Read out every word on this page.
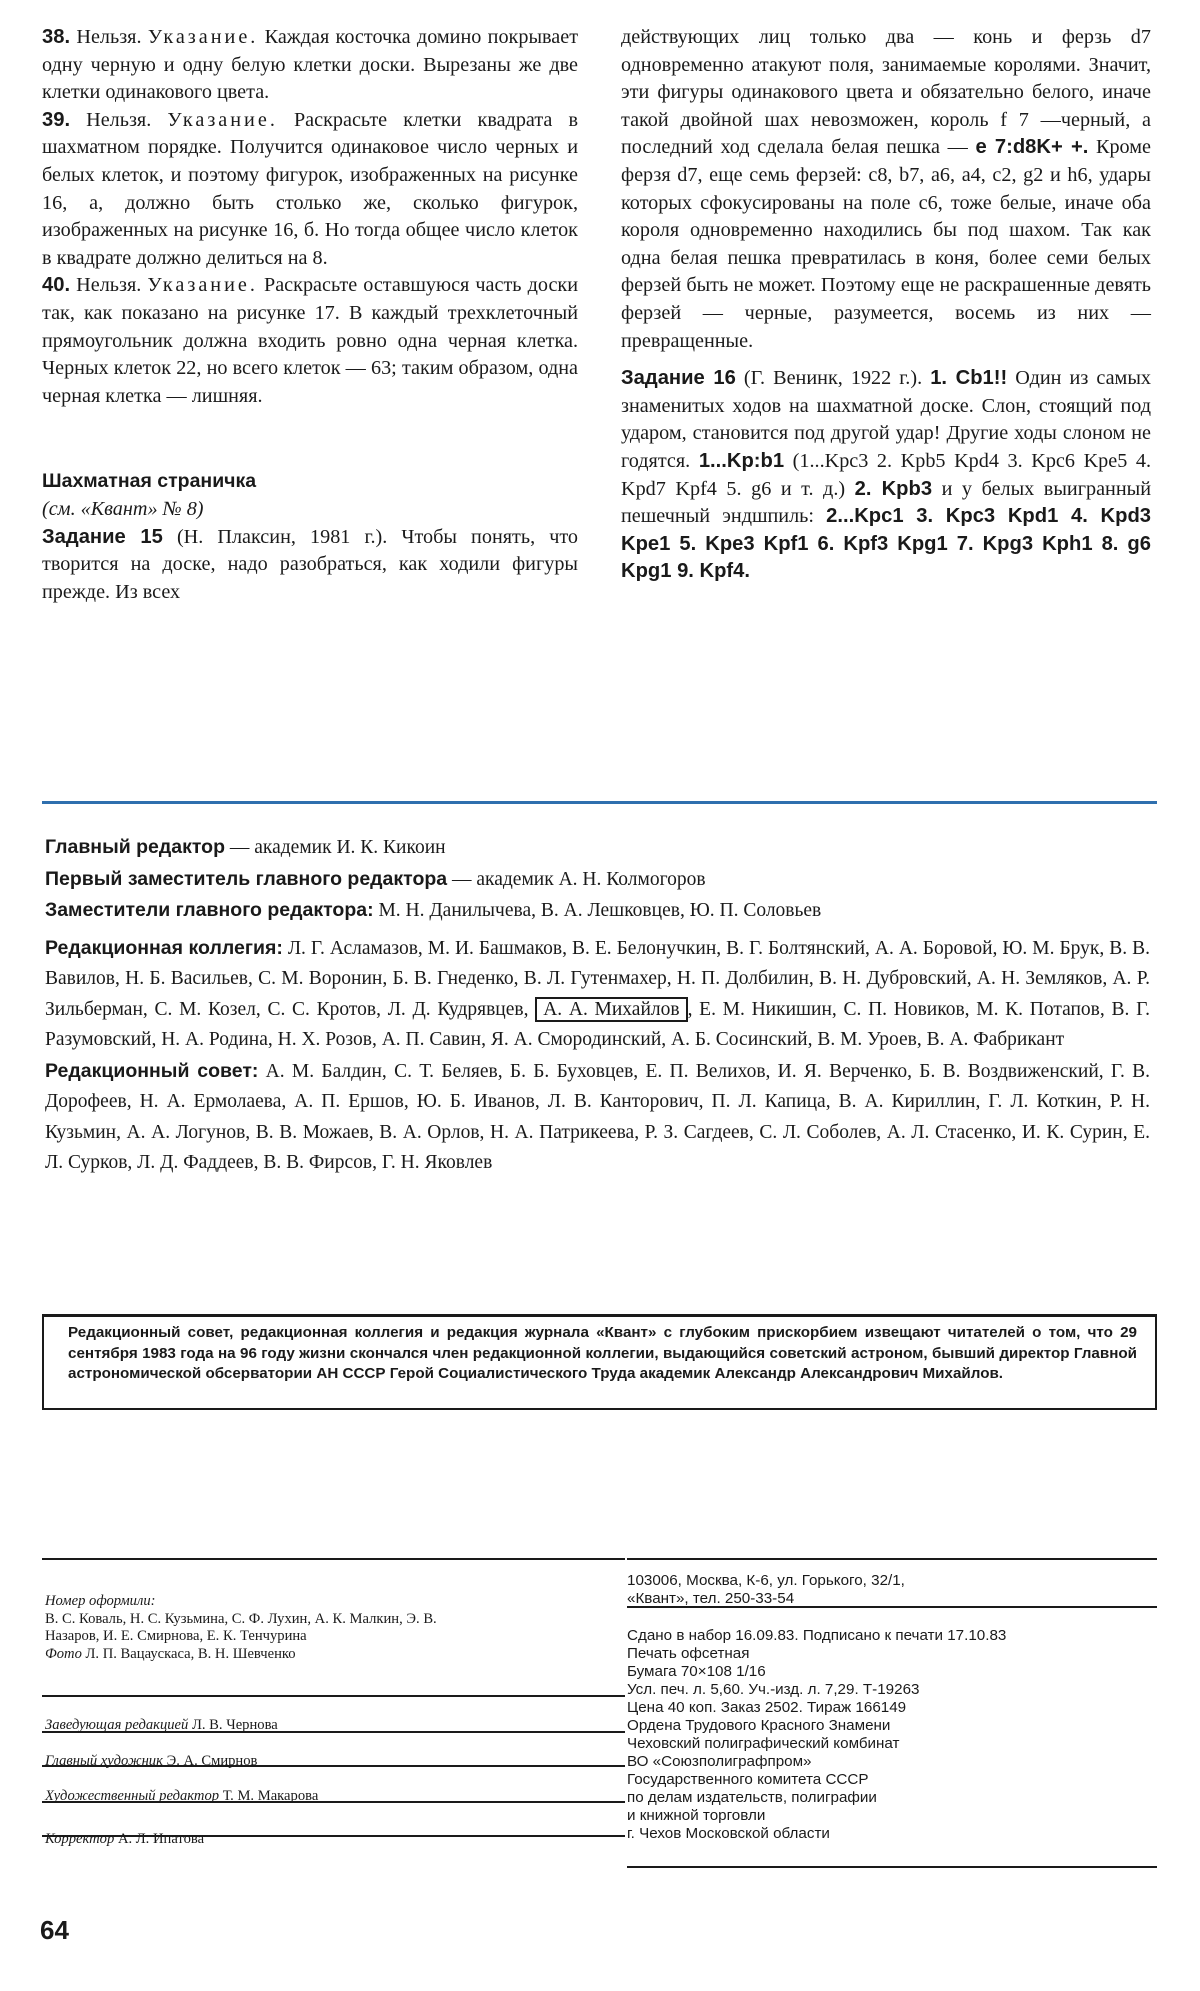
38. Нельзя. Указание. Каждая косточка домино покрывает одну черную и одну белую клетки доски. Вырезаны же две клетки одинакового цвета.

39. Нельзя. Указание. Раскрасьте клетки квадрата в шахматном порядке. Получится одинаковое число черных и белых клеток, и поэтому фигурок, изображенных на рисунке 16, а, должно быть столько же, сколько фигурок, изображенных на рисунке 16, б. Но тогда общее число клеток в квадрате должно делиться на 8.

40. Нельзя. Указание. Раскрасьте оставшуюся часть доски так, как показано на рисунке 17. В каждый трехклеточный прямоугольник должна входить ровно одна черная клетка. Черных клеток 22, но всего клеток — 63; таким образом, одна черная клетка — лишняя.

Шахматная страничка

(см. «Квант» № 8)

Задание 15 (Н. Плаксин, 1981 г.). Чтобы понять, что творится на доске, надо разобраться, как ходили фигуры прежде. Из всех

действующих лиц только два — конь и ферзь d7 одновременно атакуют поля, занимаемые королями. Значит, эти фигуры одинакового цвета и обязательно белого, иначе такой двойной шах невозможен, король f 7 —черный, а последний ход сделала белая пешка — e 7:d8K+ +. Кроме ферзя d7, еще семь ферзей: c8, b7, a6, a4, c2, g2 и h6, удары которых сфокусированы на поле c6, тоже белые, иначе оба короля одновременно находились бы под шахом. Так как одна белая пешка превратилась в коня, более семи белых ферзей быть не может. Поэтому еще не раскрашенные девять ферзей — черные, разумеется, восемь из них — превращенные.

Задание 16 (Г. Венинк, 1922 г.). 1. Cb1!! Один из самых знаменитых ходов на шахматной доске. Слон, стоящий под ударом, становится под другой удар! Другие ходы слоном не годятся. 1...Kp:b1 (1...Kpc3 2. Kpb5 Kpd4 3. Kpc6 Kpe5 4. Kpd7 Kpf4 5. g6 и т. д.) 2. Kpb3 и у белых выигранный пешечный эндшпиль: 2...Kpc1 3. Kpc3 Kpd1 4. Kpd3 Kpe1 5. Kpe3 Kpf1 6. Kpf3 Kpg1 7. Kpg3 Kph1 8. g6 Kpg1 9. Kpf4.

Главный редактор — академик И. К. Кикоин

Первый заместитель главного редактора — академик А. Н. Колмогоров

Заместители главного редактора: М. Н. Данилычева, В. А. Лешковцев, Ю. П. Соловьев

Редакционная коллегия: Л. Г. Асламазов, М. И. Башмаков, В. Е. Белонучкин, В. Г. Болтянский, А. А. Боровой, Ю. М. Брук, В. В. Вавилов, Н. Б. Васильев, С. М. Воронин, Б. В. Гнеденко, В. Л. Гутенмахер, Н. П. Долбилин, В. Н. Дубровский, А. Н. Земляков, А. Р. Зильберман, С. М. Козел, С. С. Кротов, Л. Д. Кудрявцев, А. А. Михайлов , Е. М. Никишин, С. П. Новиков, М. К. Потапов, В. Г. Разумовский, Н. А. Родина, Н. Х. Розов, А. П. Савин, Я. А. Смородинский, А. Б. Сосинский, В. М. Уроев, В. А. Фабрикант

Редакционный совет: А. М. Балдин, С. Т. Беляев, Б. Б. Буховцев, Е. П. Велихов, И. Я. Верченко, Б. В. Воздвиженский, Г. В. Дорофеев, Н. А. Ермолаева, А. П. Ершов, Ю. Б. Иванов, Л. В. Канторович, П. Л. Капица, В. А. Кириллин, Г. Л. Коткин, Р. Н. Кузьмин, А. А. Логунов, В. В. Можаев, В. А. Орлов, Н. А. Патрикеева, Р. З. Сагдеев, С. Л. Соболев, А. Л. Стасенко, И. К. Сурин, Е. Л. Сурков, Л. Д. Фаддеев, В. В. Фирсов, Г. Н. Яковлев

Редакционный совет, редакционная коллегия и редакция журнала «Квант» с глубоким прискорбием извещают читателей о том, что 29 сентября 1983 года на 96 году жизни скончался член редакционной коллегии, выдающийся советский астроном, бывший директор Главной астрономической обсерватории АН СССР Герой Социалистического Труда академик Александр Александрович Михайлов.

Номер оформили:

В. С. Коваль, Н. С. Кузьмина, С. Ф. Лухин, А. К. Малкин, Э. В. Назаров, И. Е. Смирнова, Е. К. Тенчурина

Фото Л. П. Вацаускаса, В. Н. Шевченко

Заведующая редакцией Л. В. Чернова
Главный художник Э. А. Смирнов
Художественный редактор Т. М. Макарова
Корректор А. Л. Ипатова

103006, Москва, К-6, ул. Горького, 32/1,

«Квант», тел. 250-33-54

Сдано в набор 16.09.83. Подписано к печати 17.10.83

Печать офсетная

Бумага 70×108 1/16

Усл. печ. л. 5,60. Уч.-изд. л. 7,29. Т-19263

Цена 40 коп. Заказ 2502. Тираж 166149

Ордена Трудового Красного Знамени

Чеховский полиграфический комбинат

ВО «Союзполиграфпром»

Государственного комитета СССР

по делам издательств, полиграфии

и книжной торговли

г. Чехов Московской области

64
